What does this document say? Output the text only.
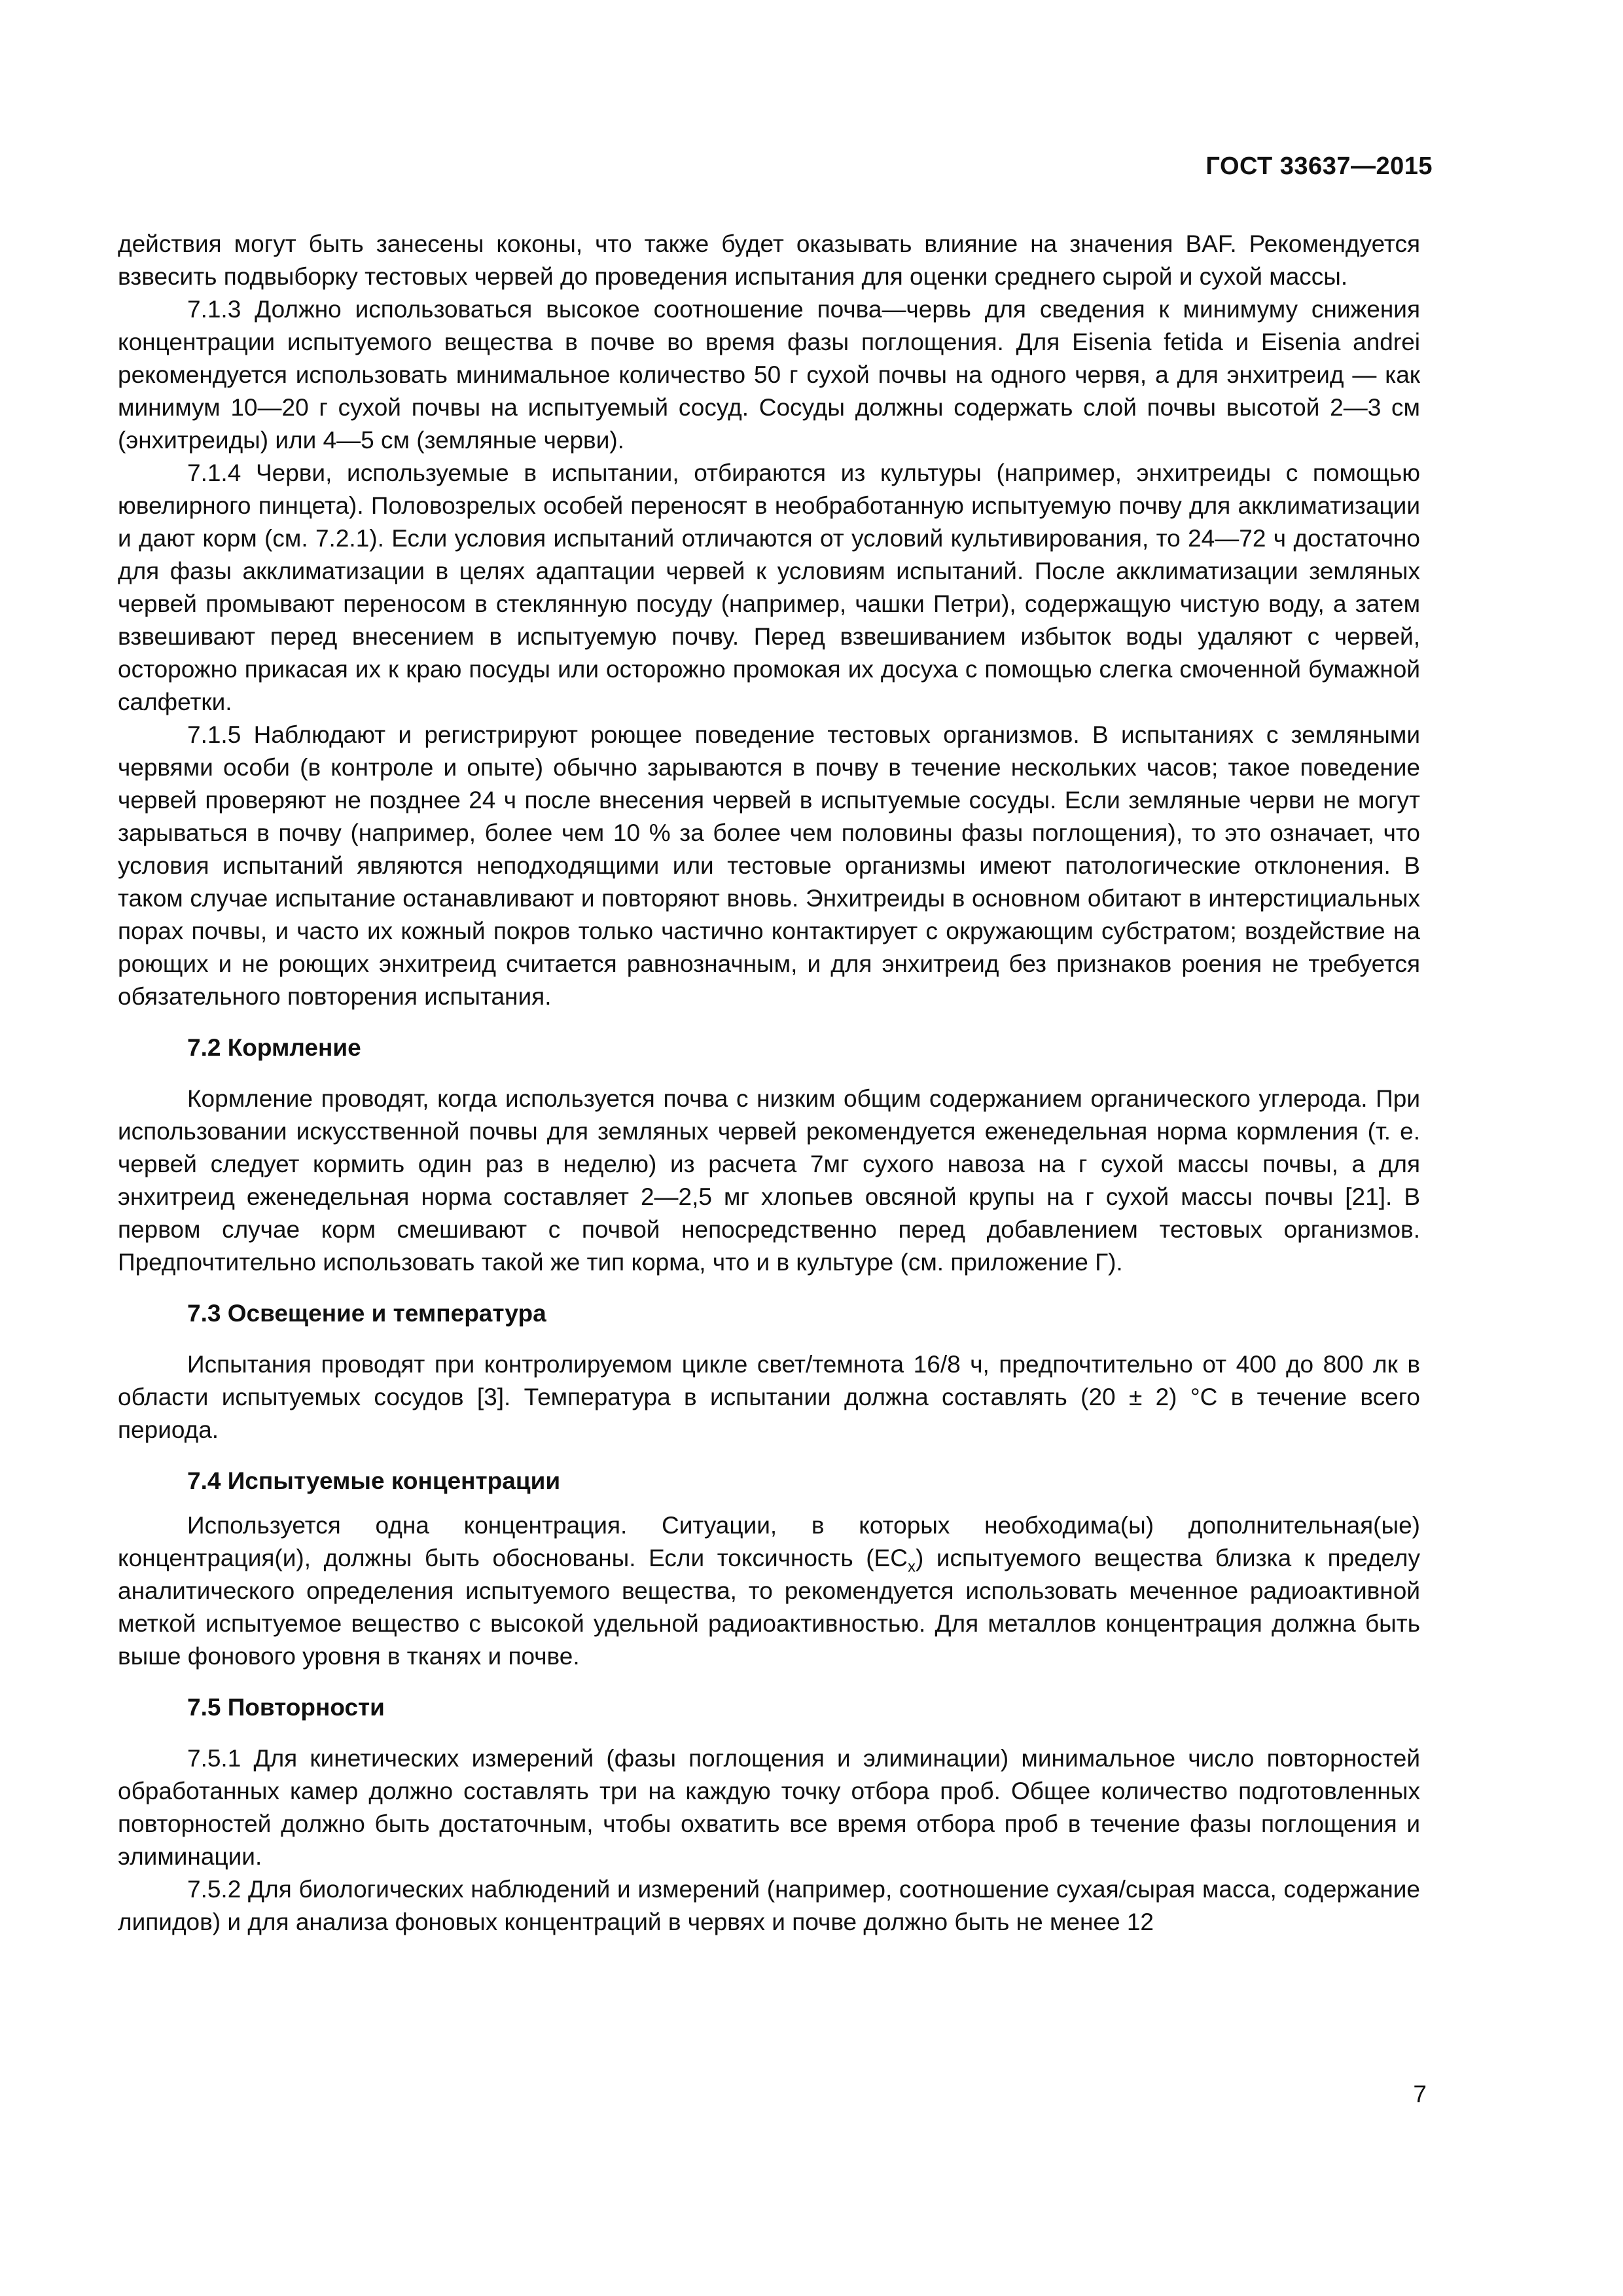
ГОСТ 33637—2015

действия могут быть занесены коконы, что также будет оказывать влияние на значения BAF. Рекомендуется взвесить подвыборку тестовых червей до проведения испытания для оценки среднего сырой и сухой массы.

7.1.3 Должно использоваться высокое соотношение почва—червь для сведения к минимуму снижения концентрации испытуемого вещества в почве во время фазы поглощения. Для Eisenia fetida и Eisenia andrei рекомендуется использовать минимальное количество 50 г сухой почвы на одного червя, а для энхитреид — как минимум 10—20 г сухой почвы на испытуемый сосуд. Сосуды должны содержать слой почвы высотой 2—3 см (энхитреиды) или 4—5 см (земляные черви).

7.1.4 Черви, используемые в испытании, отбираются из культуры (например, энхитреиды с помощью ювелирного пинцета). Половозрелых особей переносят в необработанную испытуемую почву для акклиматизации и дают корм (см. 7.2.1). Если условия испытаний отличаются от условий культивирования, то 24—72 ч достаточно для фазы акклиматизации в целях адаптации червей к условиям испытаний. После акклиматизации земляных червей промывают переносом в стеклянную посуду (например, чашки Петри), содержащую чистую воду, а затем взвешивают перед внесением в испытуемую почву. Перед взвешиванием избыток воды удаляют с червей, осторожно прикасая их к краю посуды или осторожно промокая их досуха с помощью слегка смоченной бумажной салфетки.

7.1.5 Наблюдают и регистрируют роющее поведение тестовых организмов. В испытаниях с земляными червями особи (в контроле и опыте) обычно зарываются в почву в течение нескольких часов; такое поведение червей проверяют не позднее 24 ч после внесения червей в испытуемые сосуды. Если земляные черви не могут зарываться в почву (например, более чем 10 % за более чем половины фазы поглощения), то это означает, что условия испытаний являются неподходящими или тестовые организмы имеют патологические отклонения. В таком случае испытание останавливают и повторяют вновь. Энхитреиды в основном обитают в интерстициальных порах почвы, и часто их кожный покров только частично контактирует с окружающим субстратом; воздействие на роющих и не роющих энхитреид считается равнозначным, и для энхитреид без признаков роения не требуется обязательного повторения испытания.

7.2 Кормление

Кормление проводят, когда используется почва с низким общим содержанием органического углерода. При использовании искусственной почвы для земляных червей рекомендуется еженедельная норма кормления (т. е. червей следует кормить один раз в неделю) из расчета 7мг сухого навоза на г сухой массы почвы, а для энхитреид еженедельная норма составляет 2—2,5 мг хлопьев овсяной крупы на г сухой массы почвы [21]. В первом случае корм смешивают с почвой непосредственно перед добавлением тестовых организмов. Предпочтительно использовать такой же тип корма, что и в культуре (см. приложение Г).

7.3 Освещение и температура

Испытания проводят при контролируемом цикле свет/темнота 16/8 ч, предпочтительно от 400 до 800 лк в области испытуемых сосудов [3]. Температура в испытании должна составлять (20 ± 2) °С в течение всего периода.

7.4 Испытуемые концентрации

Используется одна концентрация. Ситуации, в которых необходима(ы) дополнительная(ые) концентрация(и), должны быть обоснованы. Если токсичность $(EC_x)$ испытуемого вещества близка к пределу аналитического определения испытуемого вещества, то рекомендуется использовать меченное радиоактивной меткой испытуемое вещество с высокой удельной радиоактивностью. Для металлов концентрация должна быть выше фонового уровня в тканях и почве.

7.5 Повторности

7.5.1 Для кинетических измерений (фазы поглощения и элиминации) минимальное число повторностей обработанных камер должно составлять три на каждую точку отбора проб. Общее количество подготовленных повторностей должно быть достаточным, чтобы охватить все время отбора проб в течение фазы поглощения и элиминации.

7.5.2 Для биологических наблюдений и измерений (например, соотношение сухая/сырая масса, содержание липидов) и для анализа фоновых концентраций в червях и почве должно быть не менее 12

7
